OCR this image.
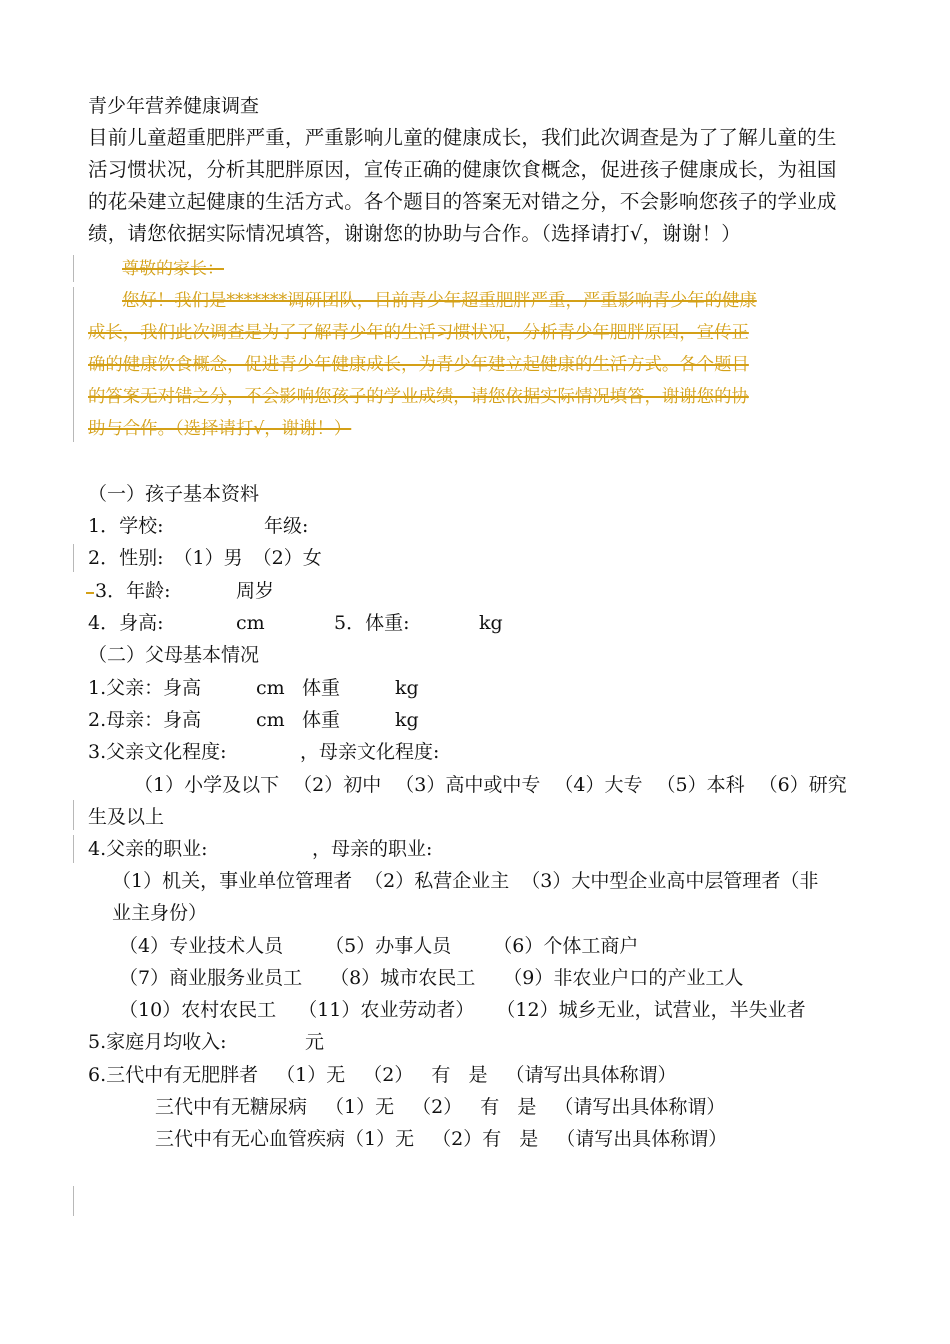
青少年营养健康调查
目前儿童超重肥胖严重，严重影响儿童的健康成长，我们此次调查是为了了解儿童的生
活习惯状况，分析其肥胖原因，宣传正确的健康饮食概念，促进孩子健康成长，为祖国
的花朵建立起健康的生活方式。各个题目的答案无对错之分，不会影响您孩子的学业成
绩，请您依据实际情况填答，谢谢您的协助与合作。（选择请打√，谢谢！）
尊敬的家长：
您好！我们是*******调研团队，目前青少年超重肥胖严重，严重影响青少年的健康
成长，我们此次调查是为了了解青少年的生活习惯状况，分析青少年肥胖原因，宣传正
确的健康饮食概念，促进青少年健康成长，为青少年建立起健康的生活方式。各个题目
的答案无对错之分，不会影响您孩子的学业成绩，请您依据实际情况填答，谢谢您的协
助与合作。（选择请打√，谢谢！）
（一）孩子基本资料
1．学校:	年级:
2．性别: （1）男 （2）女
3．年龄:	周岁
4．身高:	cm	5．体重:	kg
（二）父母基本情况
1.父亲：身高	cm 体重	kg
2.母亲：身高	cm 体重	kg
3.父亲文化程度:	，母亲文化程度:
（1）小学及以下 （2）初中 （3）高中或中专 （4）大专 （5）本科 （6）研究
生及以上
4.父亲的职业:	，母亲的职业:
（1）机关，事业单位管理者 （2）私营企业主 （3）大中型企业高中层管理者（非
业主身份）
（4）专业技术人员 （5）办事人员 （6）个体工商户
（7）商业服务业员工 （8）城市农民工 （9）非农业户口的产业工人
（10）农村农民工 （11）农业劳动者） （12）城乡无业，试营业，半失业者
5.家庭月均收入:	元
6.三代中有无肥胖者 （1）无 （2） 有 是 （请写出具体称谓）
三代中有无糖尿病 （1）无 （2） 有 是 （请写出具体称谓）
三代中有无心血管疾病（1）无 （2）有 是 （请写出具体称谓）
